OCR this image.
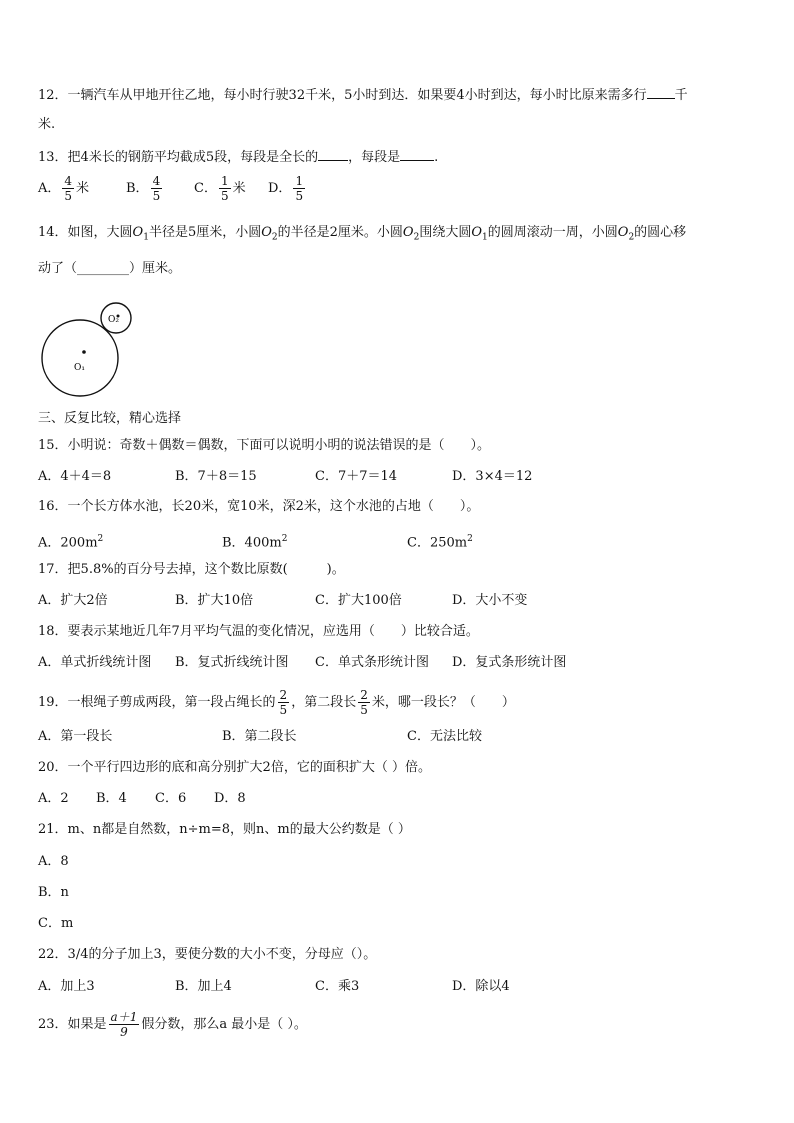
12．一辆汽车从甲地开往乙地，每小时行驶32千米，5小时到达．如果要4小时到达，每小时比原来需多行 千
米.
13．把4米长的钢筋平均截成5段，每段是全长的 ，每段是	.
A． $\frac{4}{5}$ 米	B． $\frac{4}{5}$ C． $\frac{1}{5}$ 米 D． $\frac{1}{5}$
14．如图，大圆$O_1$半径是5厘米，小圆$O_2$的半径是2厘米。小圆$O_2$围绕大圆$O_1$的圆周滚动一周，小圆$O_2$的圆心移
动了（________）厘米。
O₁
O₂
三、反复比较，精心选择
15．小明说：奇数＋偶数＝偶数，下面可以说明小明的说法错误的是（　　）。
A．4＋4＝8	B．7＋8＝15	C．7＋7＝14	D．3×4＝12
16．一个长方体水池，长20米，宽10米，深2米，这个水池的占地（　　）。
A．$200m^2$	B．$400m^2$	C．$250m^2$
17．把5.8%的百分号去掉，这个数比原数(　　　)。
A．扩大2倍	B．扩大10倍	C．扩大100倍	D．大小不变
18．要表示某地近几年7月平均气温的变化情况，应选用（　　）比较合适。
A．单式折线统计图 B．复式折线统计图 C．单式条形统计图 D．复式条形统计图
19．一根绳子剪成两段，第一段占绳长的 $\frac{2}{5}$ ，第二段长 $\frac{2}{5}$ 米，哪一段长？（　　）
A．第一段长	B．第二段长	C．无法比较
20．一个平行四边形的底和高分别扩大2倍，它的面积扩大（ ）倍。
A．2 B．4 C．6 D．8
21．m、n都是自然数，n÷m=8，则n、m的最大公约数是（ ）
A．8
B．n
C．m
22．3/4的分子加上3，要使分数的大小不变，分母应（）。
A．加上3	B．加上4	C．乘3	D．除以4
23．如果是 $\frac{a+1}{9}$ 假分数，那么a 最小是（ ）。
